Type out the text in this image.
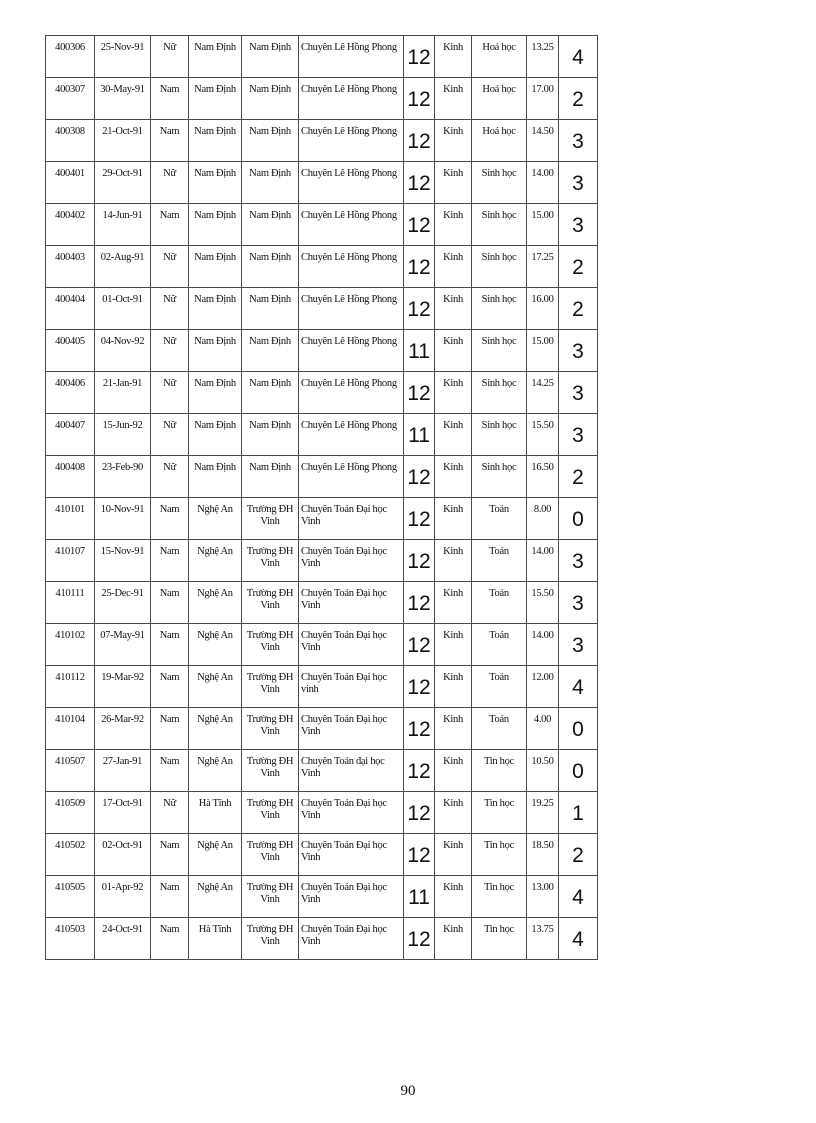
400306	25-Nov-91	Nữ	Nam Định	Nam Định	Chuyên Lê Hồng Phong	12	Kinh	Hoá học	13.25	4
400307	30-May-91	Nam	Nam Định	Nam Định	Chuyên Lê Hồng Phong	12	Kinh	Hoá học	17.00	2
400308	21-Oct-91	Nam	Nam Định	Nam Định	Chuyên Lê Hồng Phong	12	Kinh	Hoá học	14.50	3
400401	29-Oct-91	Nữ	Nam Định	Nam Định	Chuyên Lê Hồng Phong	12	Kinh	Sinh học	14.00	3
400402	14-Jun-91	Nam	Nam Định	Nam Định	Chuyên Lê Hồng Phong	12	Kinh	Sinh học	15.00	3
400403	02-Aug-91	Nữ	Nam Định	Nam Định	Chuyên Lê Hồng Phong	12	Kinh	Sinh học	17.25	2
400404	01-Oct-91	Nữ	Nam Định	Nam Định	Chuyên Lê Hồng Phong	12	Kinh	Sinh học	16.00	2
400405	04-Nov-92	Nữ	Nam Định	Nam Định	Chuyên Lê Hồng Phong	11	Kinh	Sinh học	15.00	3
400406	21-Jan-91	Nữ	Nam Định	Nam Định	Chuyên Lê Hồng Phong	12	Kinh	Sinh học	14.25	3
400407	15-Jun-92	Nữ	Nam Định	Nam Định	Chuyên Lê Hồng Phong	11	Kinh	Sinh học	15.50	3
400408	23-Feb-90	Nữ	Nam Định	Nam Định	Chuyên Lê Hồng Phong	12	Kinh	Sinh học	16.50	2
410101	10-Nov-91	Nam	Nghệ An	Trường ĐH Vinh	Chuyên Toán Đại học Vinh	12	Kinh	Toán	8.00	0
410107	15-Nov-91	Nam	Nghệ An	Trường ĐH Vinh	Chuyên Toán Đại học Vinh	12	Kinh	Toán	14.00	3
410111	25-Dec-91	Nam	Nghệ An	Trường ĐH Vinh	Chuyên Toán Đại học Vinh	12	Kinh	Toán	15.50	3
410102	07-May-91	Nam	Nghệ An	Trường ĐH Vinh	Chuyên Toán Đại học Vinh	12	Kinh	Toán	14.00	3
410112	19-Mar-92	Nam	Nghệ An	Trường ĐH Vinh	Chuyên Toán Đại học vinh	12	Kinh	Toán	12.00	4
410104	26-Mar-92	Nam	Nghệ An	Trường ĐH Vinh	Chuyên Toán Đại học Vinh	12	Kinh	Toán	4.00	0
410507	27-Jan-91	Nam	Nghệ An	Trường ĐH Vinh	Chuyên Toán đại học Vinh	12	Kinh	Tin học	10.50	0
410509	17-Oct-91	Nữ	Hà Tĩnh	Trường ĐH Vinh	Chuyên Toán Đại học Vinh	12	Kinh	Tin học	19.25	1
410502	02-Oct-91	Nam	Nghệ An	Trường ĐH Vinh	Chuyên Toán Đại học Vinh	12	Kinh	Tin học	18.50	2
410505	01-Apr-92	Nam	Nghệ An	Trường ĐH Vinh	Chuyên Toán Đại học Vinh	11	Kinh	Tin học	13.00	4
410503	24-Oct-91	Nam	Hà Tĩnh	Trường ĐH Vinh	Chuyên Toán Đại học Vinh	12	Kinh	Tin học	13.75	4
90
